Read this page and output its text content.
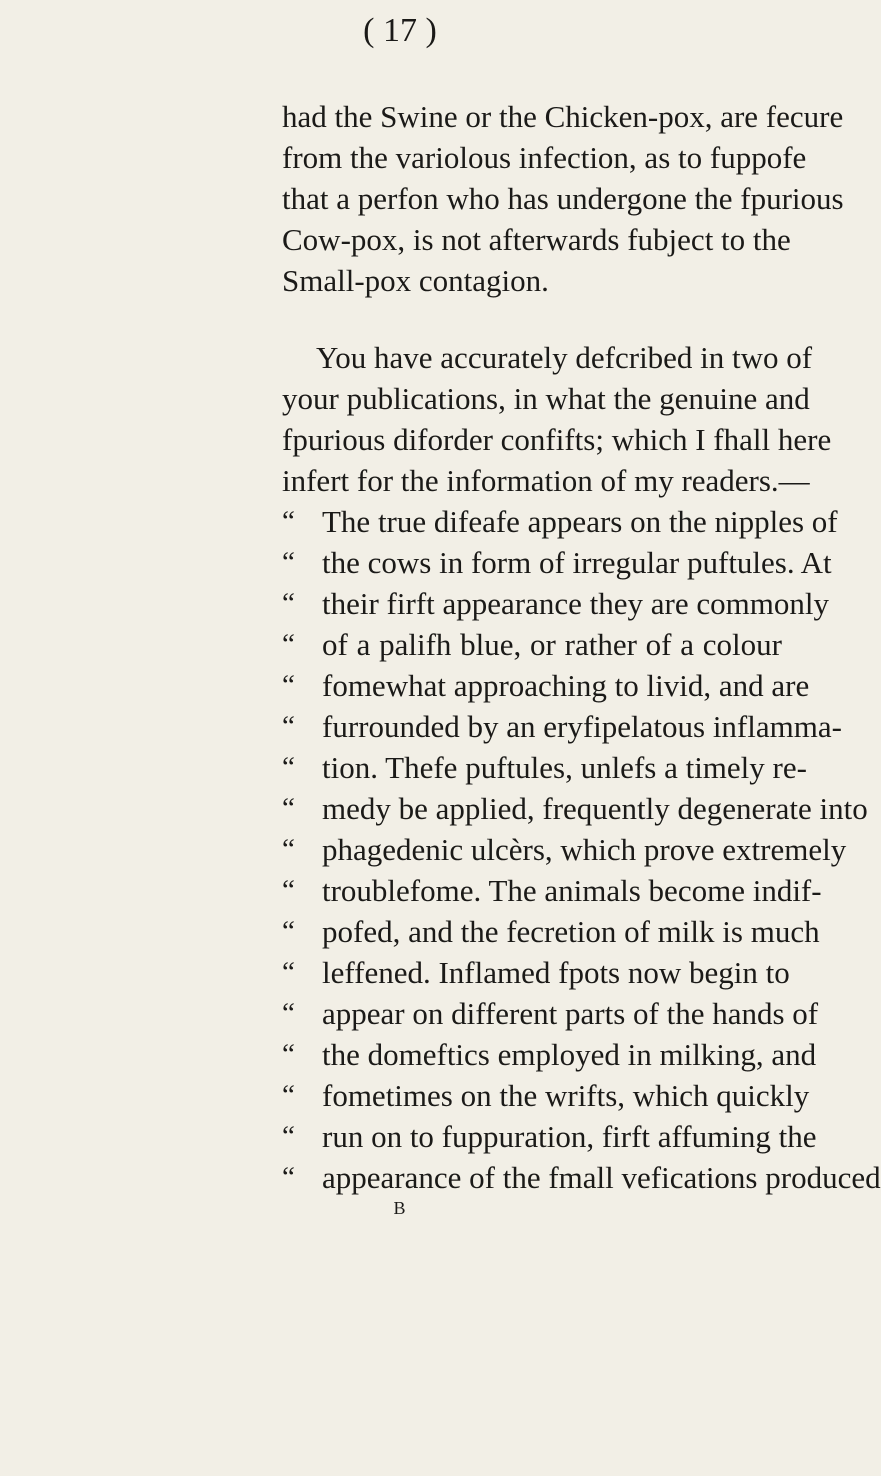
( 17 )
had the Swine or the Chicken-pox, are fecure
from the variolous infection, as to fuppofe
that a perfon who has undergone the fpurious
Cow-pox, is not afterwards fubject to the
Small-pox contagion.
You have accurately defcribed in two of
your publications, in what the genuine and
fpurious diforder confifts; which I fhall here
infert for the information of my readers.—
“ The true difeafe appears on the nipples of
“ the cows in form of irregular puftules. At
“ their firft appearance they are commonly
“ of a palifh blue, or rather of a colour
“ fomewhat approaching to livid, and are
“ furrounded by an eryfipelatous inflamma-
“ tion. Thefe puftules, unlefs a timely re-
“ medy be applied, frequently degenerate into
“ phagedenic ulcèrs, which prove extremely
“ troublefome. The animals become indif-
“ pofed, and the fecretion of milk is much
“ leffened. Inflamed fpots now begin to
“ appear on different parts of the hands of
“ the domeftics employed in milking, and
“ fometimes on the wrifts, which quickly
“ run on to fuppuration, firft affuming the
“ appearance of the fmall vefications produced
B
